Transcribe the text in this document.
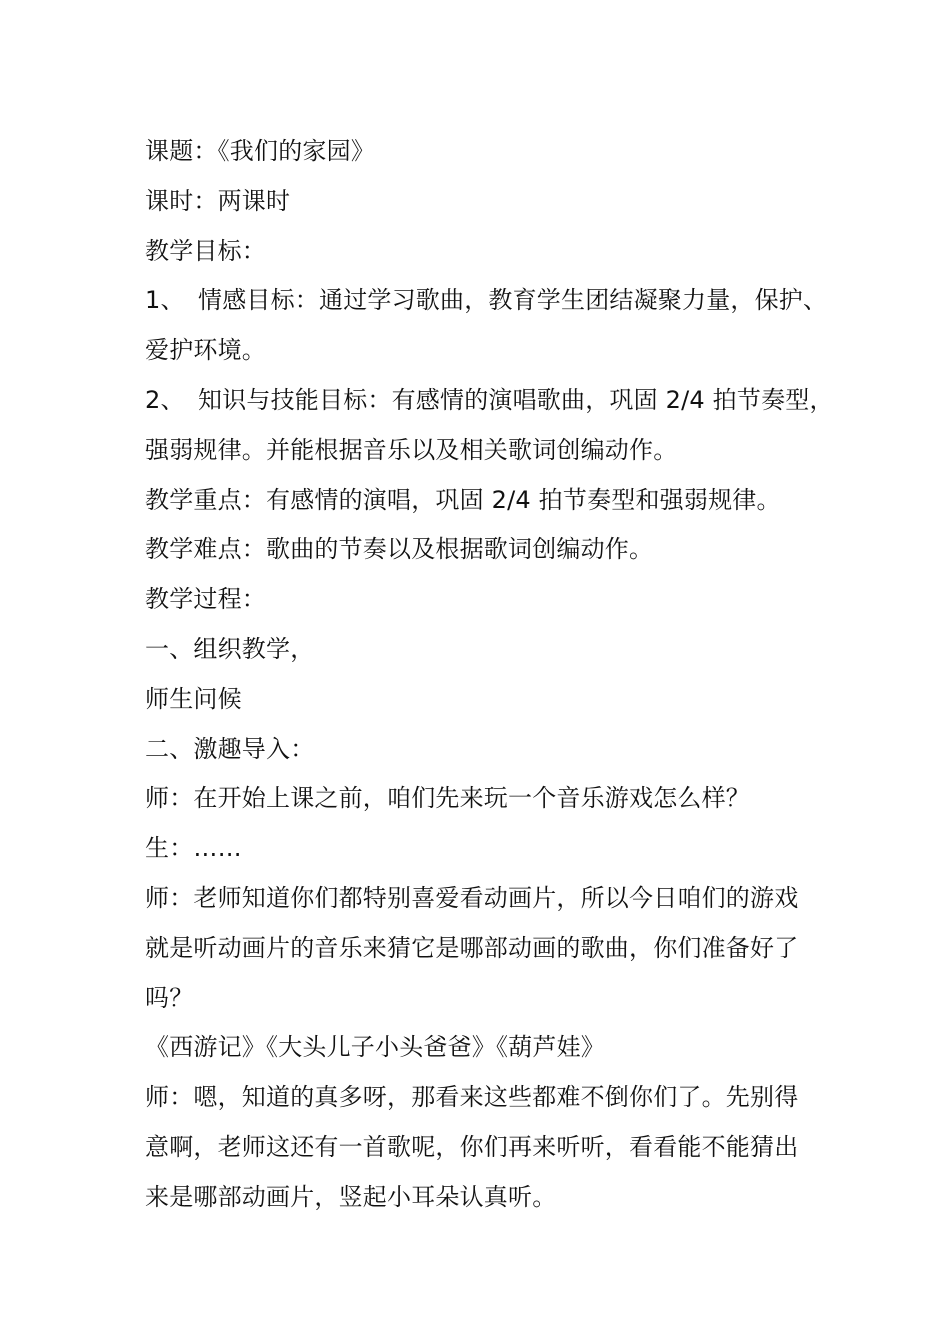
课题：《我们的家园》
课时：两课时
教学目标：
1、 情感目标：通过学习歌曲，教育学生团结凝聚力量，保护、
爱护环境。
2、 知识与技能目标：有感情的演唱歌曲，巩固 2/4 拍节奏型，
强弱规律。并能根据音乐以及相关歌词创编动作。
教学重点：有感情的演唱，巩固 2/4 拍节奏型和强弱规律。
教学难点：歌曲的节奏以及根据歌词创编动作。
教学过程：
一、组织教学，
师生问候
二、激趣导入：
师：在开始上课之前，咱们先来玩一个音乐游戏怎么样？
生：……
师：老师知道你们都特别喜爱看动画片，所以今日咱们的游戏
就是听动画片的音乐来猜它是哪部动画的歌曲，你们准备好了
吗？
《西游记》《大头儿子小头爸爸》《葫芦娃》
师：嗯，知道的真多呀，那看来这些都难不倒你们了。先别得
意啊，老师这还有一首歌呢，你们再来听听，看看能不能猜出
来是哪部动画片，竖起小耳朵认真听。
